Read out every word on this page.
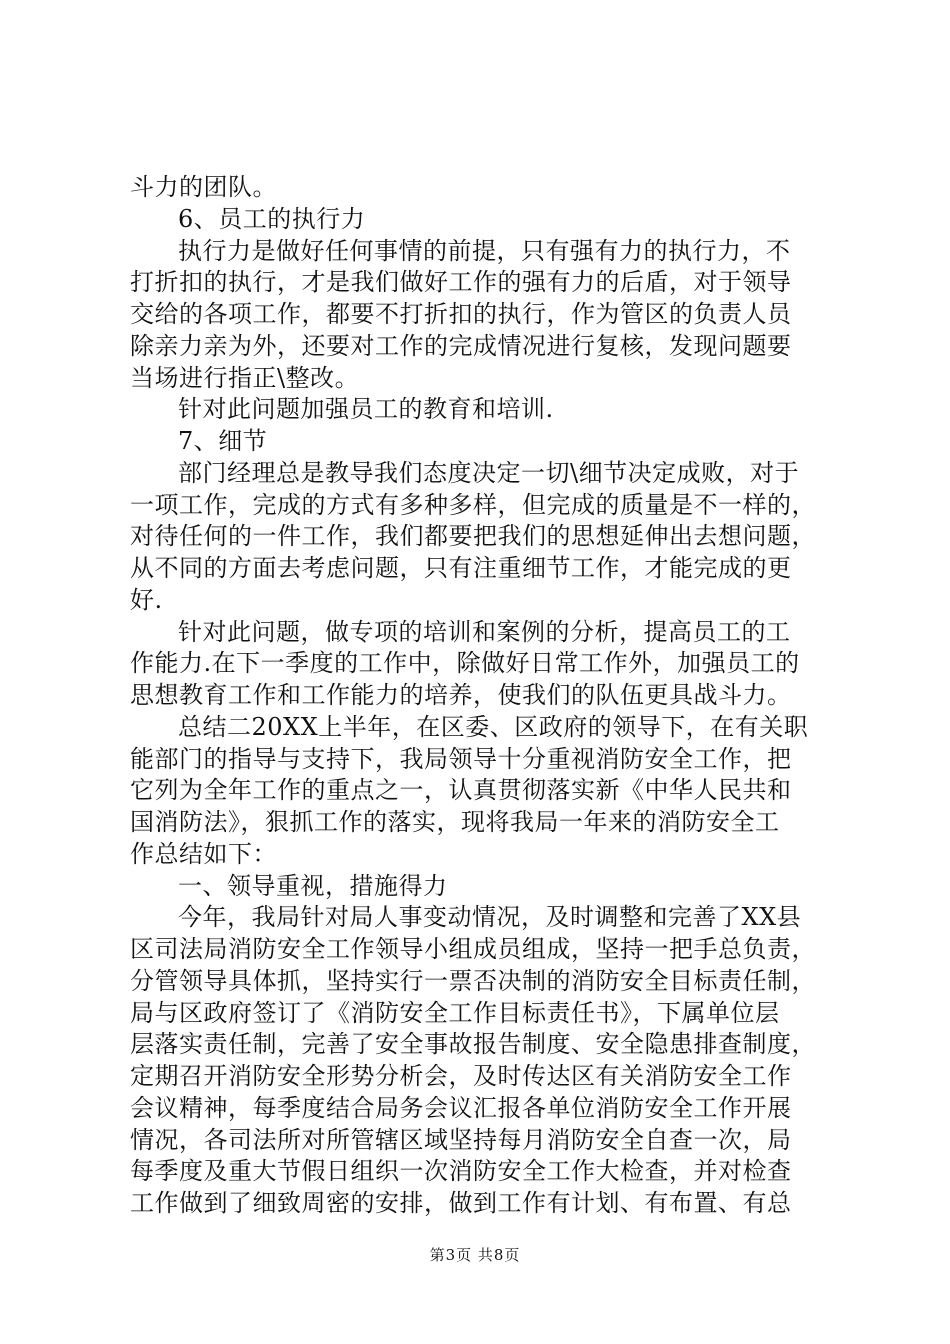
斗力的团队。
6、员工的执行力
执行力是做好任何事情的前提，只有强有力的执行力，不
打折扣的执行，才是我们做好工作的强有力的后盾，对于领导
交给的各项工作，都要不打折扣的执行，作为管区的负责人员
除亲力亲为外，还要对工作的完成情况进行复核，发现问题要
当场进行指正\整改。
针对此问题加强员工的教育和培训.
7、细节
部门经理总是教导我们态度决定一切\细节决定成败，对于
一项工作，完成的方式有多种多样，但完成的质量是不一样的，
对待任何的一件工作，我们都要把我们的思想延伸出去想问题，
从不同的方面去考虑问题，只有注重细节工作，才能完成的更
好.
针对此问题，做专项的培训和案例的分析，提高员工的工
作能力.在下一季度的工作中，除做好日常工作外，加强员工的
思想教育工作和工作能力的培养，使我们的队伍更具战斗力。
总结二20XX上半年，在区委、区政府的领导下，在有关职
能部门的指导与支持下，我局领导十分重视消防安全工作，把
它列为全年工作的重点之一，认真贯彻落实新《中华人民共和
国消防法》，狠抓工作的落实，现将我局一年来的消防安全工
作总结如下：
一、领导重视，措施得力
今年，我局针对局人事变动情况，及时调整和完善了XX县
区司法局消防安全工作领导小组成员组成，坚持一把手总负责，
分管领导具体抓，坚持实行一票否决制的消防安全目标责任制，
局与区政府签订了《消防安全工作目标责任书》，下属单位层
层落实责任制，完善了安全事故报告制度、安全隐患排查制度，
定期召开消防安全形势分析会，及时传达区有关消防安全工作
会议精神，每季度结合局务会议汇报各单位消防安全工作开展
情况，各司法所对所管辖区域坚持每月消防安全自查一次，局
每季度及重大节假日组织一次消防安全工作大检查，并对检查
工作做到了细致周密的安排，做到工作有计划、有布置、有总
第3页 共8页
